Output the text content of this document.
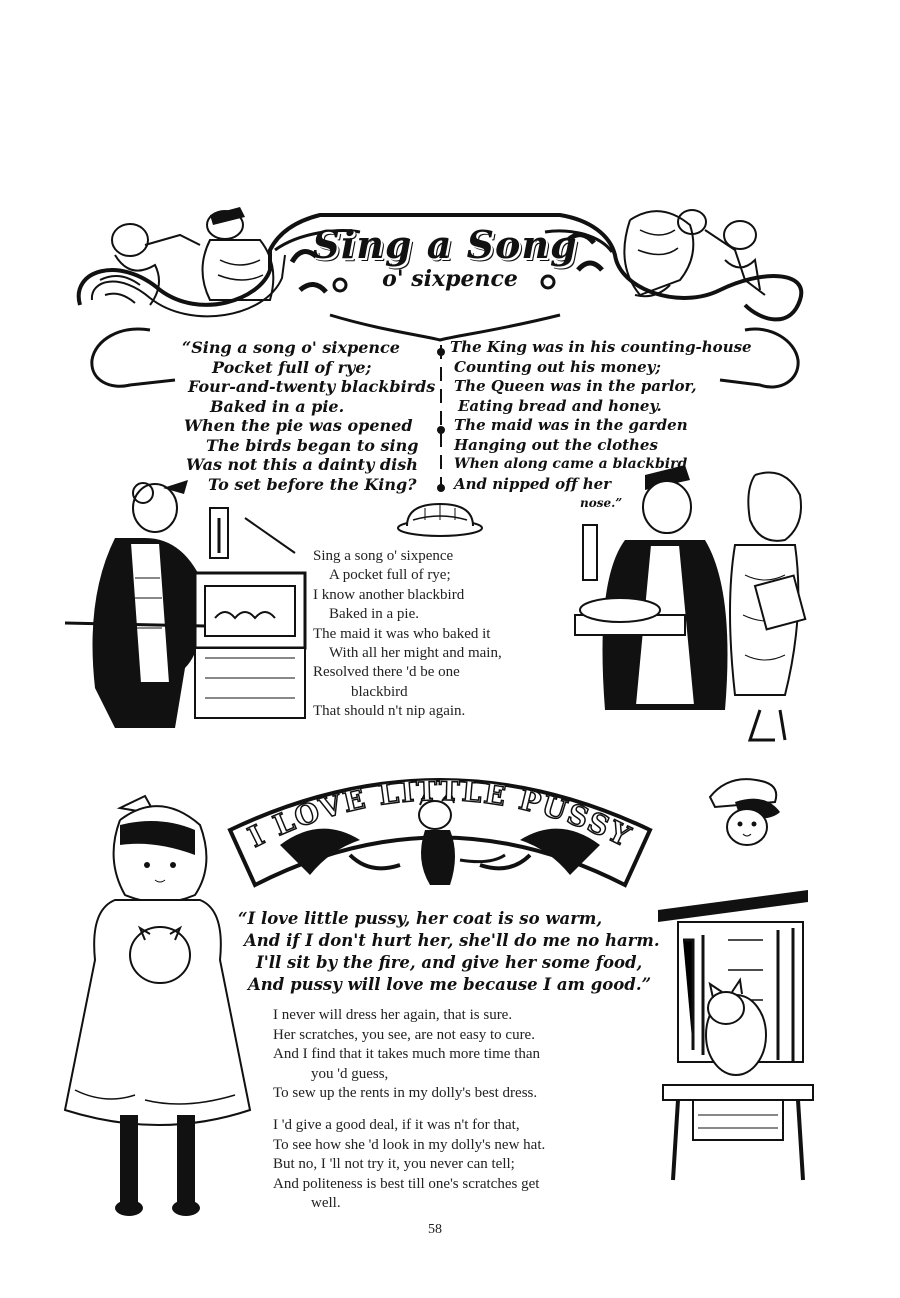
Sing a Song
o' sixpence
“Sing a song o' sixpence
Pocket full of rye;
Four-and-twenty blackbirds
Baked in a pie.
When the pie was opened
The birds began to sing
Was not this a dainty dish
To set before the King?
The King was in his counting-house
Counting out his money;
The Queen was in the parlor,
Eating bread and honey.
The maid was in the garden
Hanging out the clothes
When along came a blackbird
And nipped off her
nose.”
Sing a song o' sixpence
A pocket full of rye;
I know another blackbird
Baked in a pie.
The maid it was who baked it
With all her might and main,
Resolved there 'd be one
blackbird
That should n't nip again.
I LOVE LITTLE PUSSY
“I love little pussy, her coat is so warm,
And if I don't hurt her, she'll do me no harm.
I'll sit by the fire, and give her some food,
And pussy will love me because I am good.”
I never will dress her again, that is sure.
Her scratches, you see, are not easy to cure.
And I find that it takes much more time than
you 'd guess,
To sew up the rents in my dolly's best dress.
I 'd give a good deal, if it was n't for that,
To see how she 'd look in my dolly's new hat.
But no, I 'll not try it, you never can tell;
And politeness is best till one's scratches get
well.
58
